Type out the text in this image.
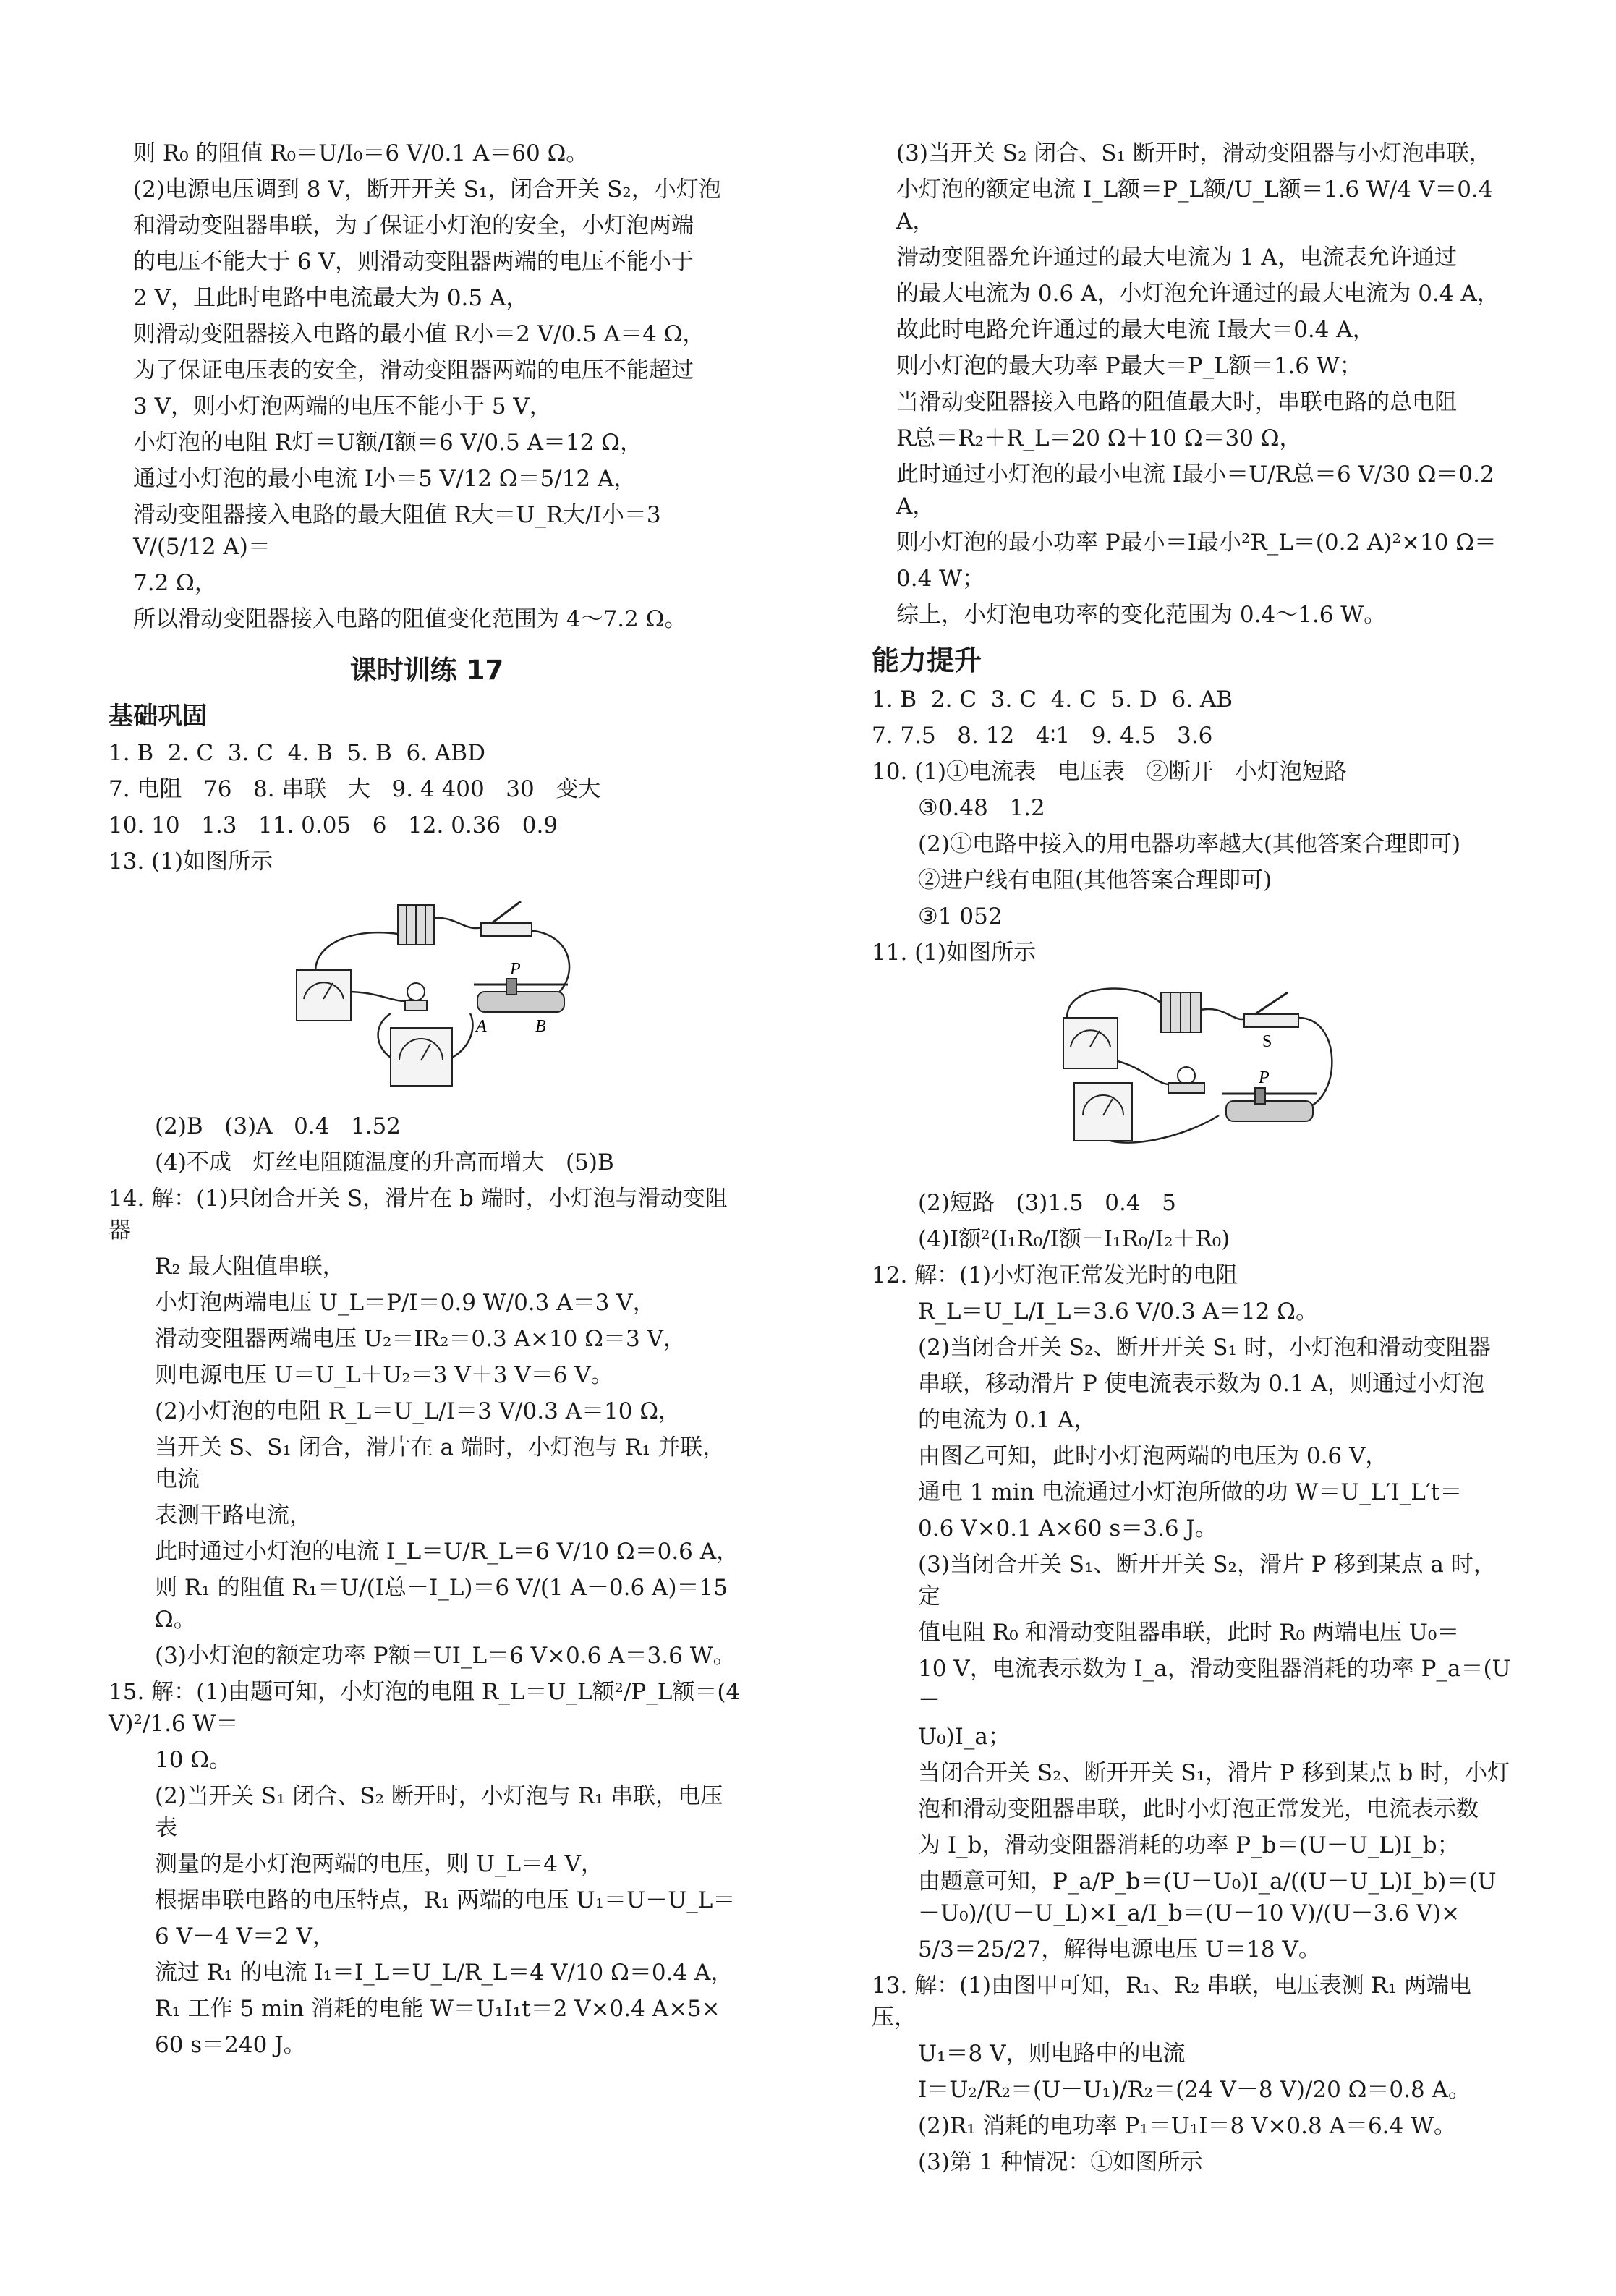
则 R₀ 的阻值 R₀＝U/I₀＝6 V/0.1 A＝60 Ω。
(2)电源电压调到 8 V，断开开关 S₁，闭合开关 S₂，小灯泡
和滑动变阻器串联，为了保证小灯泡的安全，小灯泡两端
的电压不能大于 6 V，则滑动变阻器两端的电压不能小于
2 V，且此时电路中电流最大为 0.5 A，
则滑动变阻器接入电路的最小值 R小＝2 V/0.5 A＝4 Ω，
为了保证电压表的安全，滑动变阻器两端的电压不能超过
3 V，则小灯泡两端的电压不能小于 5 V，
小灯泡的电阻 R灯＝U额/I额＝6 V/0.5 A＝12 Ω，
通过小灯泡的最小电流 I小＝5 V/12 Ω＝5/12 A，
滑动变阻器接入电路的最大阻值 R大＝U_R大/I小＝3 V/(5/12 A)＝
7.2 Ω，
所以滑动变阻器接入电路的阻值变化范围为 4～7.2 Ω。
课时训练 17
基础巩固
1. B  2. C  3. C  4. B  5. B  6. ABD
7. 电阻   76   8. 串联   大   9. 4 400   30   变大
10. 10   1.3   11. 0.05   6   12. 0.36   0.9
13. (1)如图所示
P
A	B
(2)B   (3)A   0.4   1.52
(4)不成   灯丝电阻随温度的升高而增大   (5)B
14. 解：(1)只闭合开关 S，滑片在 b 端时，小灯泡与滑动变阻器
R₂ 最大阻值串联，
小灯泡两端电压 U_L＝P/I＝0.9 W/0.3 A＝3 V，
滑动变阻器两端电压 U₂＝IR₂＝0.3 A×10 Ω＝3 V，
则电源电压 U＝U_L＋U₂＝3 V＋3 V＝6 V。
(2)小灯泡的电阻 R_L＝U_L/I＝3 V/0.3 A＝10 Ω，
当开关 S、S₁ 闭合，滑片在 a 端时，小灯泡与 R₁ 并联，电流
表测干路电流，
此时通过小灯泡的电流 I_L＝U/R_L＝6 V/10 Ω＝0.6 A，
则 R₁ 的阻值 R₁＝U/(I总－I_L)＝6 V/(1 A－0.6 A)＝15 Ω。
(3)小灯泡的额定功率 P额＝UI_L＝6 V×0.6 A＝3.6 W。
15. 解：(1)由题可知，小灯泡的电阻 R_L＝U_L额²/P_L额＝(4 V)²/1.6 W＝
10 Ω。
(2)当开关 S₁ 闭合、S₂ 断开时，小灯泡与 R₁ 串联，电压表
测量的是小灯泡两端的电压，则 U_L＝4 V，
根据串联电路的电压特点，R₁ 两端的电压 U₁＝U－U_L＝
6 V－4 V＝2 V，
流过 R₁ 的电流 I₁＝I_L＝U_L/R_L＝4 V/10 Ω＝0.4 A，
R₁ 工作 5 min 消耗的电能 W＝U₁I₁t＝2 V×0.4 A×5×
60 s＝240 J。
(3)当开关 S₂ 闭合、S₁ 断开时，滑动变阻器与小灯泡串联，
小灯泡的额定电流 I_L额＝P_L额/U_L额＝1.6 W/4 V＝0.4 A，
滑动变阻器允许通过的最大电流为 1 A，电流表允许通过
的最大电流为 0.6 A，小灯泡允许通过的最大电流为 0.4 A，
故此时电路允许通过的最大电流 I最大＝0.4 A，
则小灯泡的最大功率 P最大＝P_L额＝1.6 W；
当滑动变阻器接入电路的阻值最大时，串联电路的总电阻
R总＝R₂＋R_L＝20 Ω＋10 Ω＝30 Ω，
此时通过小灯泡的最小电流 I最小＝U/R总＝6 V/30 Ω＝0.2 A，
则小灯泡的最小功率 P最小＝I最小²R_L＝(0.2 A)²×10 Ω＝
0.4 W；
综上，小灯泡电功率的变化范围为 0.4～1.6 W。
能力提升
1. B  2. C  3. C  4. C  5. D  6. AB
7. 7.5   8. 12   4∶1   9. 4.5   3.6
10. (1)①电流表   电压表   ②断开   小灯泡短路
③0.48   1.2
(2)①电路中接入的用电器功率越大(其他答案合理即可)
②进户线有电阻(其他答案合理即可)
③1 052
11. (1)如图所示
S
P
(2)短路   (3)1.5   0.4   5
(4)I额²(I₁R₀/I额－I₁R₀/I₂＋R₀)
12. 解：(1)小灯泡正常发光时的电阻
R_L＝U_L/I_L＝3.6 V/0.3 A＝12 Ω。
(2)当闭合开关 S₂、断开开关 S₁ 时，小灯泡和滑动变阻器
串联，移动滑片 P 使电流表示数为 0.1 A，则通过小灯泡
的电流为 0.1 A，
由图乙可知，此时小灯泡两端的电压为 0.6 V，
通电 1 min 电流通过小灯泡所做的功 W＝U_L′I_L′t＝
0.6 V×0.1 A×60 s＝3.6 J。
(3)当闭合开关 S₁、断开开关 S₂，滑片 P 移到某点 a 时，定
值电阻 R₀ 和滑动变阻器串联，此时 R₀ 两端电压 U₀＝
10 V，电流表示数为 I_a，滑动变阻器消耗的功率 P_a＝(U－
U₀)I_a；
当闭合开关 S₂、断开开关 S₁，滑片 P 移到某点 b 时，小灯
泡和滑动变阻器串联，此时小灯泡正常发光，电流表示数
为 I_b，滑动变阻器消耗的功率 P_b＝(U－U_L)I_b；
由题意可知，P_a/P_b＝(U－U₀)I_a/((U－U_L)I_b)＝(U－U₀)/(U－U_L)×I_a/I_b＝(U－10 V)/(U－3.6 V)×
5/3＝25/27，解得电源电压 U＝18 V。
13. 解：(1)由图甲可知，R₁、R₂ 串联，电压表测 R₁ 两端电压，
U₁＝8 V，则电路中的电流
I＝U₂/R₂＝(U－U₁)/R₂＝(24 V－8 V)/20 Ω＝0.8 A。
(2)R₁ 消耗的电功率 P₁＝U₁I＝8 V×0.8 A＝6.4 W。
(3)第 1 种情况：①如图所示
